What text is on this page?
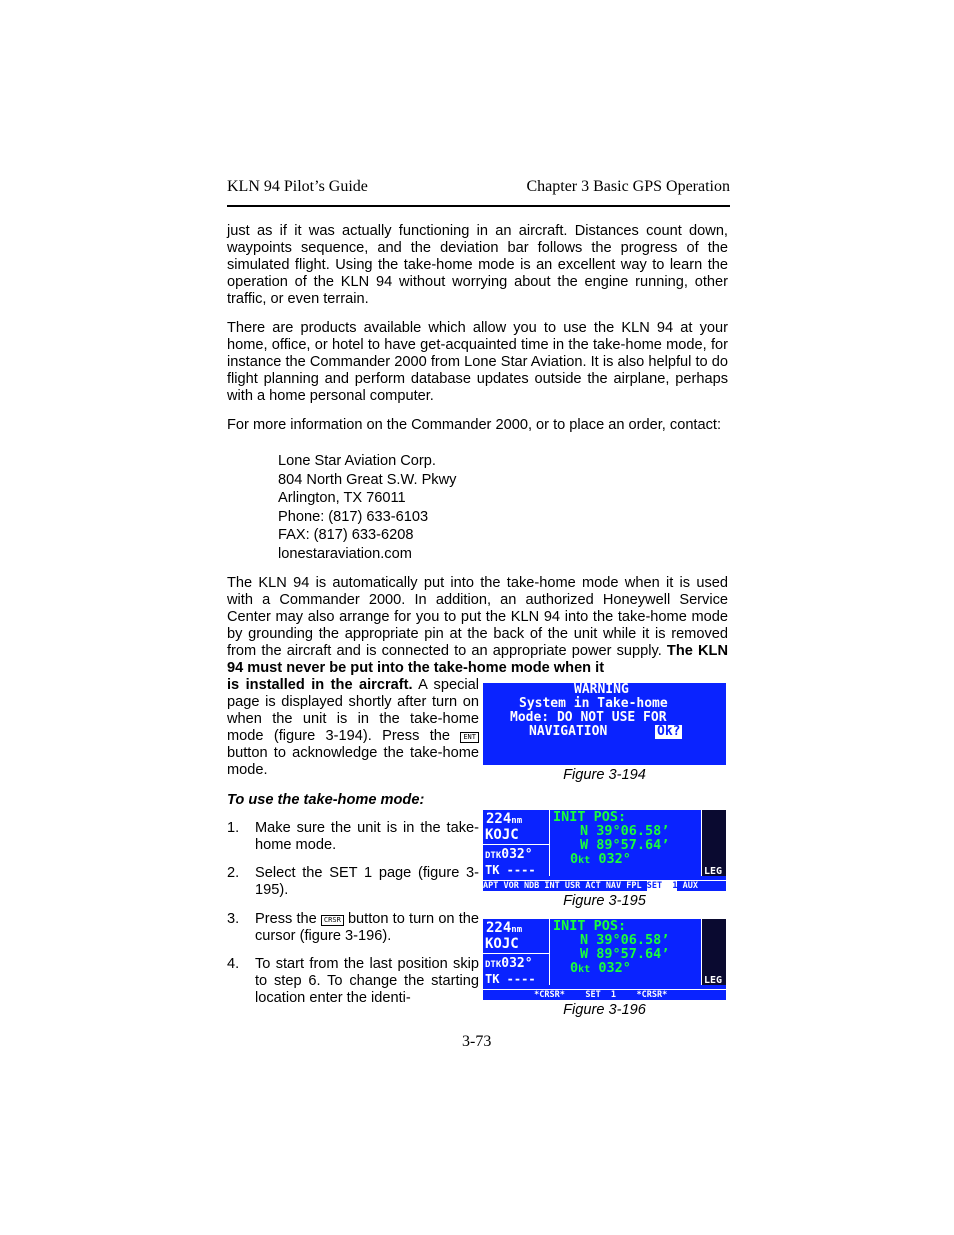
KLN 94 Pilot’s Guide	Chapter 3 Basic GPS Operation
just as if it was actually functioning in an aircraft. Distances count down, waypoints sequence, and the deviation bar follows the progress of the simulated flight. Using the take-home mode is an excellent way to learn the operation of the KLN 94 without worrying about the engine running, other traffic, or even terrain.
There are products available which allow you to use the KLN 94 at your home, office, or hotel to have get-acquainted time in the take-home mode, for instance the Commander 2000 from Lone Star Aviation. It is also helpful to do flight planning and perform database updates outside the airplane, perhaps with a home personal computer.
For more information on the Commander 2000, or to place an order, contact:
Lone Star Aviation Corp.
804 North Great S.W. Pkwy
Arlington, TX 76011
Phone: (817) 633-6103
FAX: (817) 633-6208
lonestaraviation.com
The KLN 94 is automatically put into the take-home mode when it is used with a Commander 2000. In addition, an authorized Honeywell Service Center may also arrange for you to put the KLN 94 into the take-home mode by grounding the appropriate pin at the back of the unit while it is removed from the aircraft and is connected to an appropriate power supply. The KLN 94 must never be put into the take-home mode when it
is installed in the aircraft. A special page is displayed shortly after turn on when the unit is in the take-home mode (figure 3-194). Press the ENT button to acknowledge the take-home mode.
WARNING
System in Take-home
Mode: DO NOT USE FOR
NAVIGATION	Ok?
Figure 3-194
To use the take-home mode:
1. Make sure the unit is in the take-home mode.
2. Select the SET 1 page (figure 3-195).
3. Press the CRSR button to turn on the cursor (figure 3-196).
4. To start from the last position skip to step 6. To change the starting location enter the identi-
224nm
KOJC
DTK032°
TK ----
INIT POS:
N 39°06.58’
W 89°57.64’
0kt 032°
LEG
APT VOR NDB INT USR ACT NAV FPL SET  1 AUX
Figure 3-195
224nm
KOJC
DTK032°
TK ----
INIT POS:
N 39°06.58’
W 89°57.64’
0kt 032°
LEG
*CRSR*    SET  1    *CRSR*
Figure 3-196
3-73
